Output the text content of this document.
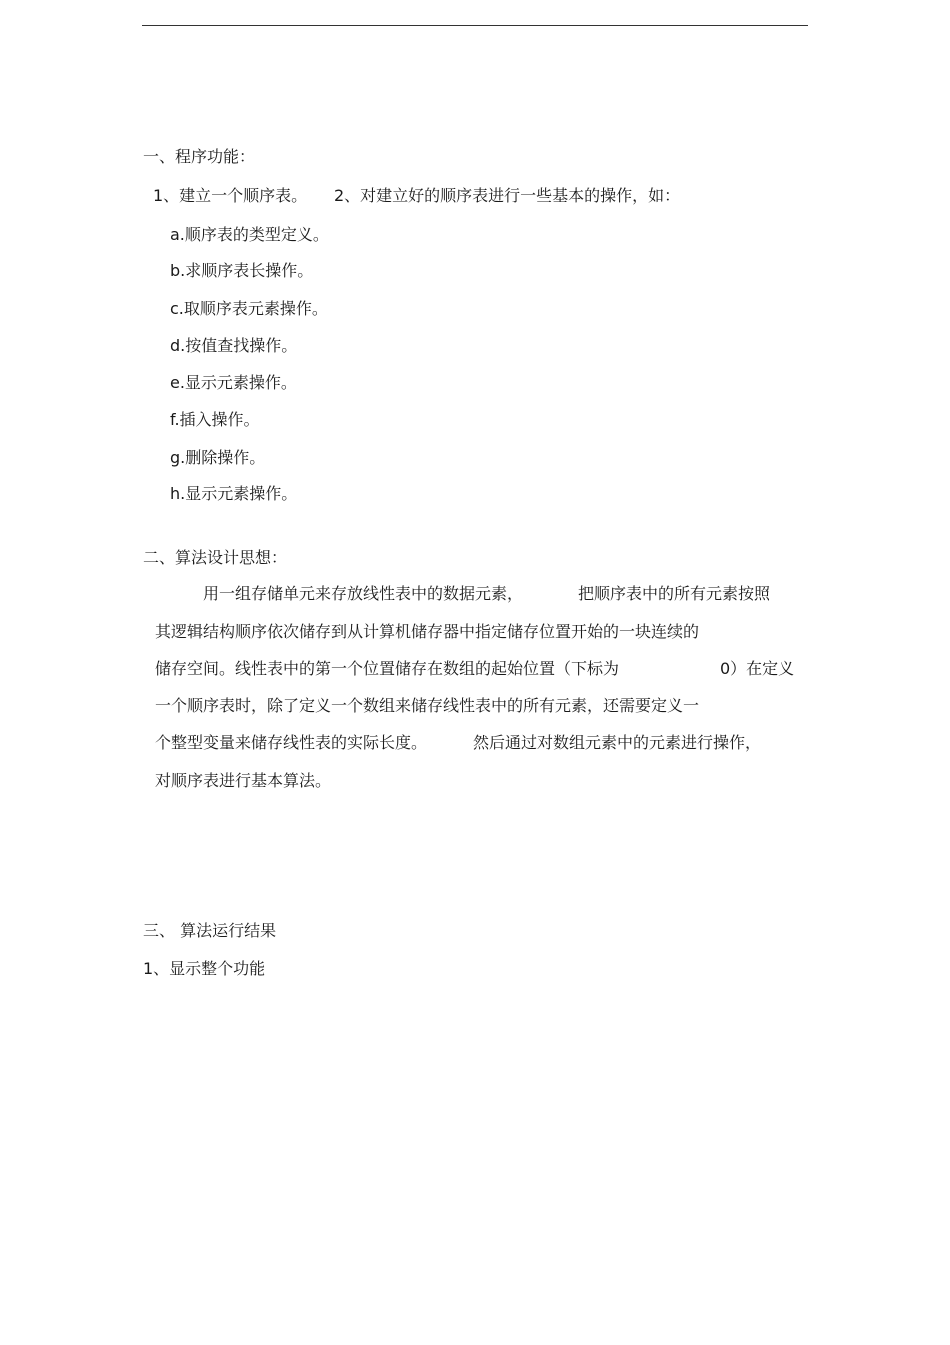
一、程序功能：
1、建立一个顺序表。 2、对建立好的顺序表进行一些基本的操作，如：
a.顺序表的类型定义。
b.求顺序表长操作。
c.取顺序表元素操作。
d.按值查找操作。
e.显示元素操作。
f.插入操作。
g.删除操作。
h.显示元素操作。
二、算法设计思想：
用一组存储单元来存放线性表中的数据元素，	把顺序表中的所有元素按照
其逻辑结构顺序依次储存到从计算机储存器中指定储存位置开始的一块连续的
储存空间。线性表中的第一个位置储存在数组的起始位置（下标为	0）在定义
一个顺序表时，除了定义一个数组来储存线性表中的所有元素，还需要定义一
个整型变量来储存线性表的实际长度。	然后通过对数组元素中的元素进行操作，
对顺序表进行基本算法。
三、 算法运行结果
1、显示整个功能
